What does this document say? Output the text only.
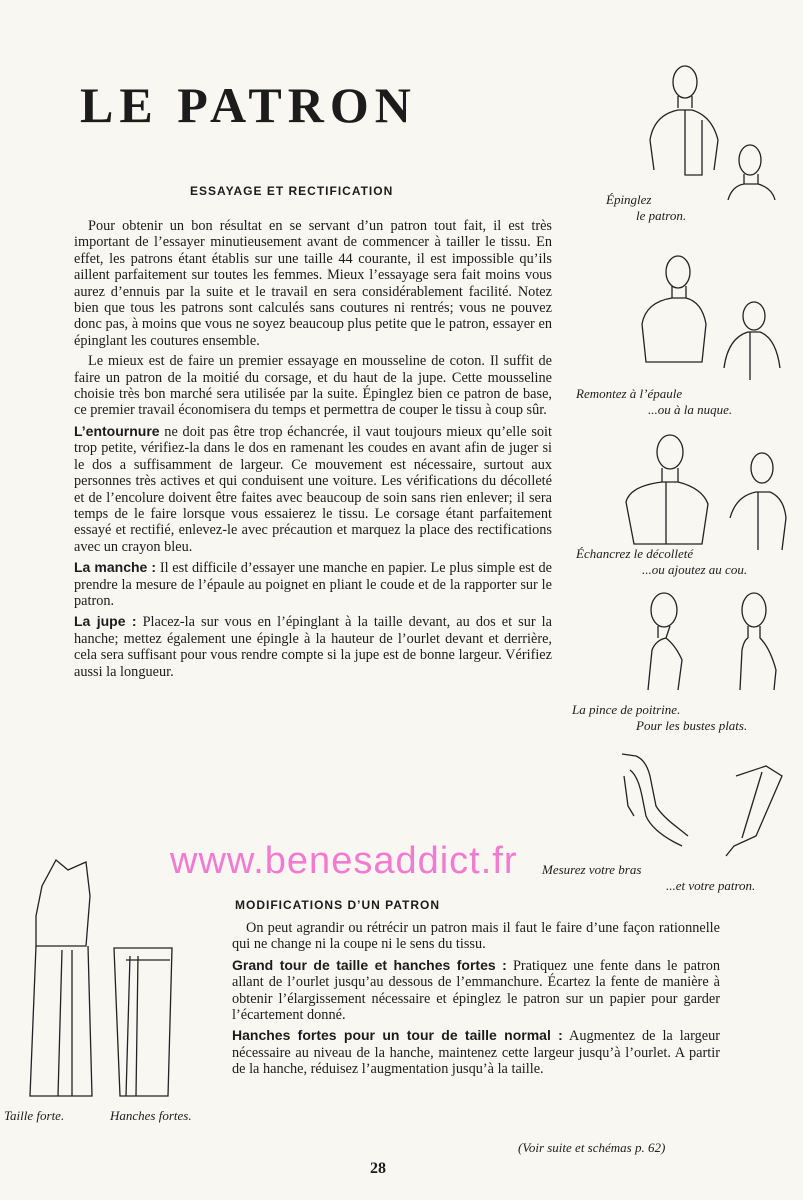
LE PATRON
ESSAYAGE ET RECTIFICATION

Pour obtenir un bon résultat en se servant d’un patron tout fait, il est très important de l’essayer minutieusement avant de commencer à tailler le tissu. En effet, les patrons étant établis sur une taille 44 courante, il est impossible qu’ils aillent parfaitement sur toutes les femmes. Mieux l’essayage sera fait moins vous aurez d’ennuis par la suite et le travail en sera considérablement facilité. Notez bien que tous les patrons sont calculés sans coutures ni rentrés; vous ne pouvez donc pas, à moins que vous ne soyez beaucoup plus petite que le patron, essayer en épinglant les coutures ensemble.

Le mieux est de faire un premier essayage en mousseline de coton. Il suffit de faire un patron de la moitié du corsage, et du haut de la jupe. Cette mousseline choisie très bon marché sera utilisée par la suite. Épinglez bien ce patron de base, ce premier travail économisera du temps et permettra de couper le tissu à coup sûr.

L’entournure ne doit pas être trop échancrée, il vaut toujours mieux qu’elle soit trop petite, vérifiez-la dans le dos en ramenant les coudes en avant afin de juger si le dos a suffisamment de largeur. Ce mouvement est nécessaire, surtout aux personnes très actives et qui conduisent une voiture. Les vérifications du décolleté et de l’encolure doivent être faites avec beaucoup de soin sans rien enlever; il sera temps de le faire lorsque vous essaierez le tissu. Le corsage étant parfaitement essayé et rectifié, enlevez-le avec précaution et marquez la place des rectifications avec un crayon bleu.

La manche : Il est difficile d’essayer une manche en papier. Le plus simple est de prendre la mesure de l’épaule au poignet en pliant le coude et de la rapporter sur le patron.

La jupe : Placez-la sur vous en l’épinglant à la taille devant, au dos et sur la hanche; mettez également une épingle à la hauteur de l’ourlet devant et derrière, cela sera suffisant pour vous rendre compte si la jupe est de bonne largeur. Vérifiez aussi la longueur.

Épinglez

le patron.

Remontez à l’épaule

...ou à la nuque.

Échancrez le décolleté

...ou ajoutez au cou.

La pince de poitrine.

Pour les bustes plats.

Mesurez votre bras

...et votre patron.

www.benesaddict.fr

MODIFICATIONS D’UN PATRON

On peut agrandir ou rétrécir un patron mais il faut le faire d’une façon rationnelle qui ne change ni la coupe ni le sens du tissu.

Grand tour de taille et hanches fortes : Pratiquez une fente dans le patron allant de l’ourlet jusqu’au dessous de l’emmanchure. Écartez la fente de manière à obtenir l’élargissement nécessaire et épinglez le patron sur un papier pour garder l’écartement donné.

Hanches fortes pour un tour de taille normal : Augmentez de la largeur nécessaire au niveau de la hanche, maintenez cette largeur jusqu’à l’ourlet. A partir de la hanche, réduisez l’augmentation jusqu’à la taille.

(Voir suite et schémas p. 62)

Taille forte.	Hanches fortes.

28
